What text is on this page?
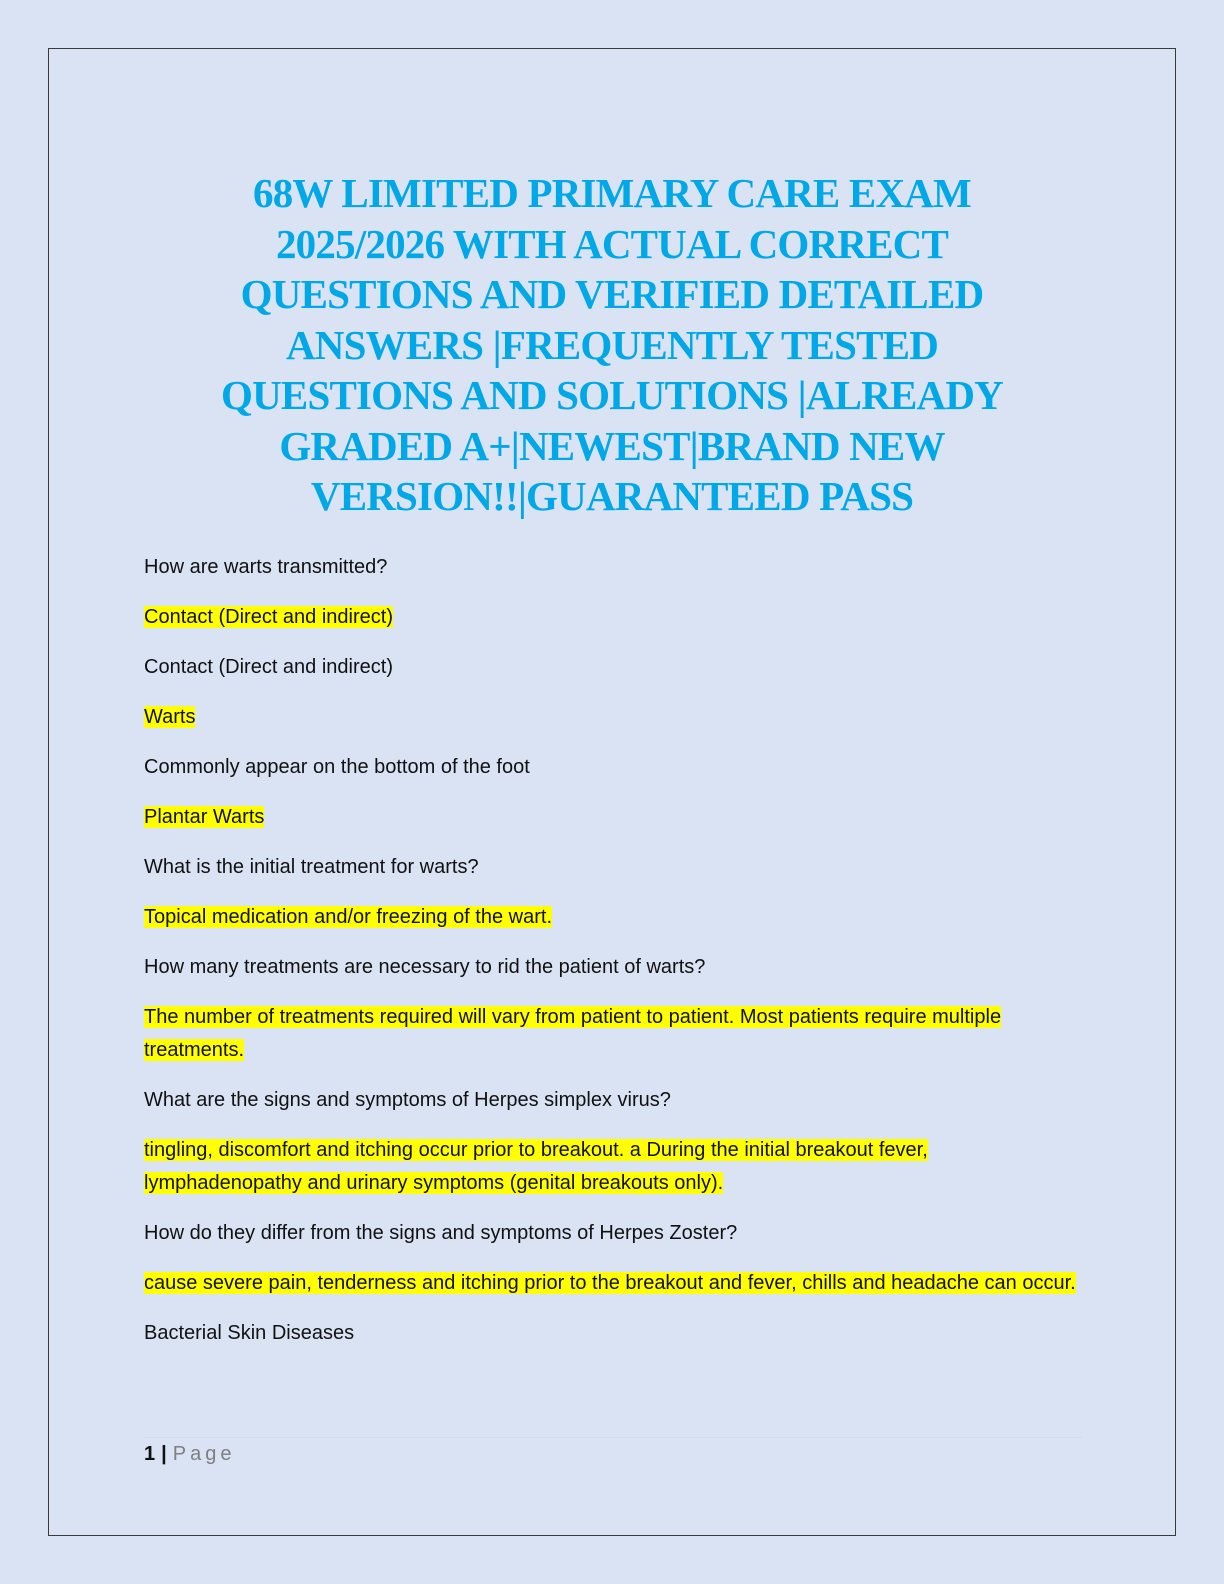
68W LIMITED PRIMARY CARE EXAM 2025/2026 WITH ACTUAL CORRECT QUESTIONS AND VERIFIED DETAILED ANSWERS |FREQUENTLY TESTED QUESTIONS AND SOLUTIONS |ALREADY GRADED A+|NEWEST|BRAND NEW VERSION!!|GUARANTEED PASS

How are warts transmitted?

Contact (Direct and indirect)

Contact (Direct and indirect)

Warts

Commonly appear on the bottom of the foot

Plantar Warts

What is the initial treatment for warts?

Topical medication and/or freezing of the wart.

How many treatments are necessary to rid the patient of warts?

The number of treatments required will vary from patient to patient. Most patients require multiple treatments.

What are the signs and symptoms of Herpes simplex virus?

tingling, discomfort and itching occur prior to breakout. a During the initial breakout fever, lymphadenopathy and urinary symptoms (genital breakouts only).

How do they differ from the signs and symptoms of Herpes Zoster?

cause severe pain, tenderness and itching prior to the breakout and fever, chills and headache can occur.

Bacterial Skin Diseases

1 | Page
